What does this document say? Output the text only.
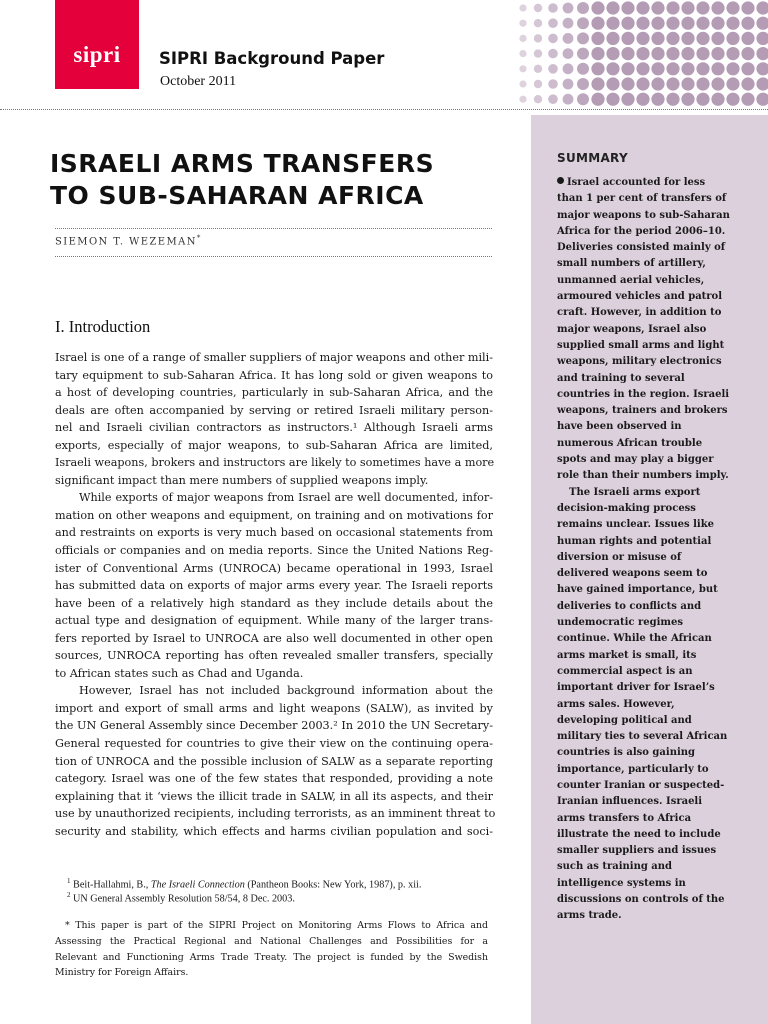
sipri	SIPRI Background Paper
October 2011
ISRAELI ARMS TRANSFERS
TO SUB-SAHARAN AFRICA
SIEMON T. WEZEMAN*
I. Introduction
Israel is one of a range of smaller suppliers of major weapons and other mili-
tary equipment to sub-Saharan Africa. It has long sold or given weapons to
a host of developing countries, particularly in sub-Saharan Africa, and the
deals are often accompanied by serving or retired Israeli military person-
nel and Israeli civilian contractors as instructors.¹ Although Israeli arms
exports, especially of major weapons, to sub-Saharan Africa are limited,
Israeli weapons, brokers and instructors are likely to sometimes have a more
significant impact than mere numbers of supplied weapons imply.
While exports of major weapons from Israel are well documented, infor-
mation on other weapons and equipment, on training and on motivations for
and restraints on exports is very much based on occasional statements from
officials or companies and on media reports. Since the United Nations Reg-
ister of Conventional Arms (UNROCA) became operational in 1993, Israel
has submitted data on exports of major arms every year. The Israeli reports
have been of a relatively high standard as they include details about the
actual type and designation of equipment. While many of the larger trans-
fers reported by Israel to UNROCA are also well documented in other open
sources, UNROCA reporting has often revealed smaller transfers, specially
to African states such as Chad and Uganda.
However, Israel has not included background information about the
import and export of small arms and light weapons (SALW), as invited by
the UN General Assembly since December 2003.² In 2010 the UN Secretary-
General requested for countries to give their view on the continuing opera-
tion of UNROCA and the possible inclusion of SALW as a separate reporting
category. Israel was one of the few states that responded, providing a note
explaining that it ‘views the illicit trade in SALW, in all its aspects, and their
use by unauthorized recipients, including terrorists, as an imminent threat to
security and stability, which effects and harms civilian population and soci-
$^1$ Beit-Hallahmi, B., The Israeli Connection (Pantheon Books: New York, 1987), p. xii.
$^2$ UN General Assembly Resolution 58/54, 8 Dec. 2003.
* This paper is part of the SIPRI Project on Monitoring Arms Flows to Africa and
Assessing the Practical Regional and National Challenges and Possibilities for a
Relevant and Functioning Arms Trade Treaty. The project is funded by the Swedish
Ministry for Foreign Affairs.
SUMMARY

Israel accounted for less than 1 per cent of transfers of major weapons to sub-Saharan Africa for the period 2006–10. Deliveries consisted mainly of small numbers of artillery, unmanned aerial vehicles, armoured vehicles and patrol craft. However, in addition to major weapons, Israel also supplied small arms and light weapons, military electronics and training to several countries in the region. Israeli weapons, trainers and brokers have been observed in numerous African trouble spots and may play a bigger role than their numbers imply.

The Israeli arms export decision-making process remains unclear. Issues like human rights and potential diversion or misuse of delivered weapons seem to have gained importance, but deliveries to conflicts and undemocratic regimes continue. While the African arms market is small, its commercial aspect is an important driver for Israel’s arms sales. However, developing political and military ties to several African countries is also gaining importance, particularly to counter Iranian or suspected-Iranian influences. Israeli arms transfers to Africa illustrate the need to include smaller suppliers and issues such as training and intelligence systems in discussions on controls of the arms trade.
